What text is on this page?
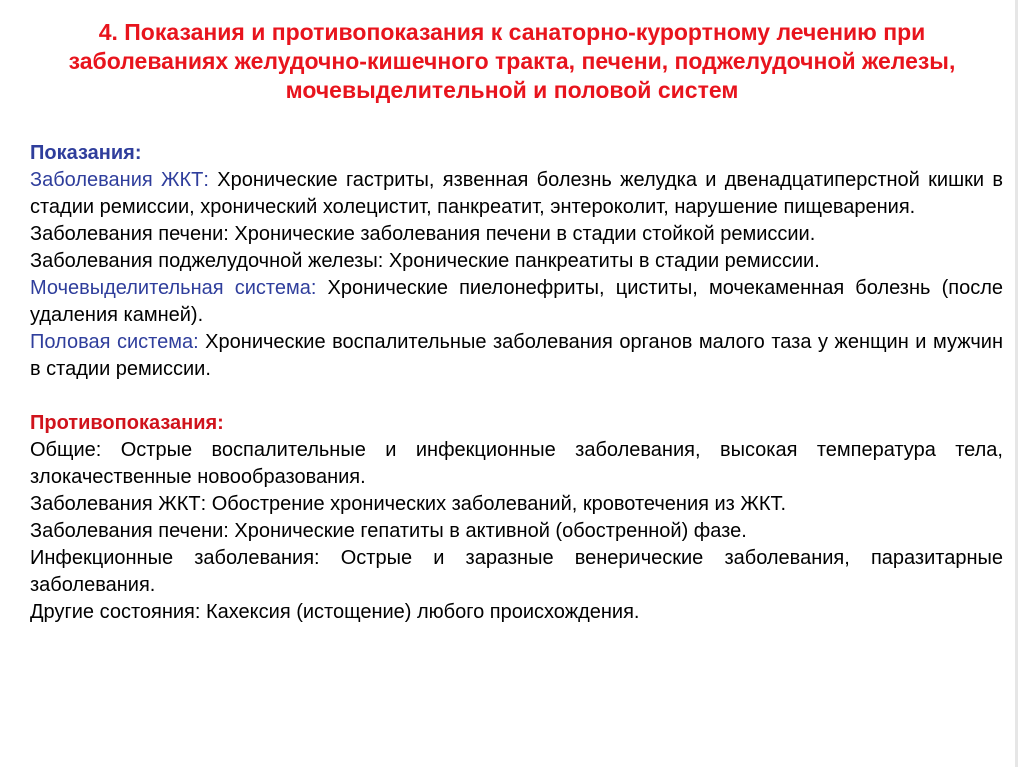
4. Показания и противопоказания к санаторно-курортному лечению при заболеваниях желудочно-кишечного тракта, печени, поджелудочной железы, мочевыделительной и половой систем

Показания:

Заболевания ЖКТ: Хронические гастриты, язвенная болезнь желудка и двенадцатиперстной кишки в стадии ремиссии, хронический холецистит, панкреатит, энтероколит, нарушение пищеварения.

Заболевания печени: Хронические заболевания печени в стадии стойкой ремиссии.

Заболевания поджелудочной железы: Хронические панкреатиты в стадии ремиссии.

Мочевыделительная система: Хронические пиелонефриты, циститы, мочекаменная болезнь (после удаления камней).

Половая система: Хронические воспалительные заболевания органов малого таза у женщин и мужчин в стадии ремиссии.

Противопоказания:

Общие: Острые воспалительные и инфекционные заболевания, высокая температура тела, злокачественные новообразования.

Заболевания ЖКТ: Обострение хронических заболеваний, кровотечения из ЖКТ.

Заболевания печени: Хронические гепатиты в активной (обостренной) фазе.

Инфекционные заболевания: Острые и заразные венерические заболевания, паразитарные заболевания.

Другие состояния: Кахексия (истощение) любого происхождения.
